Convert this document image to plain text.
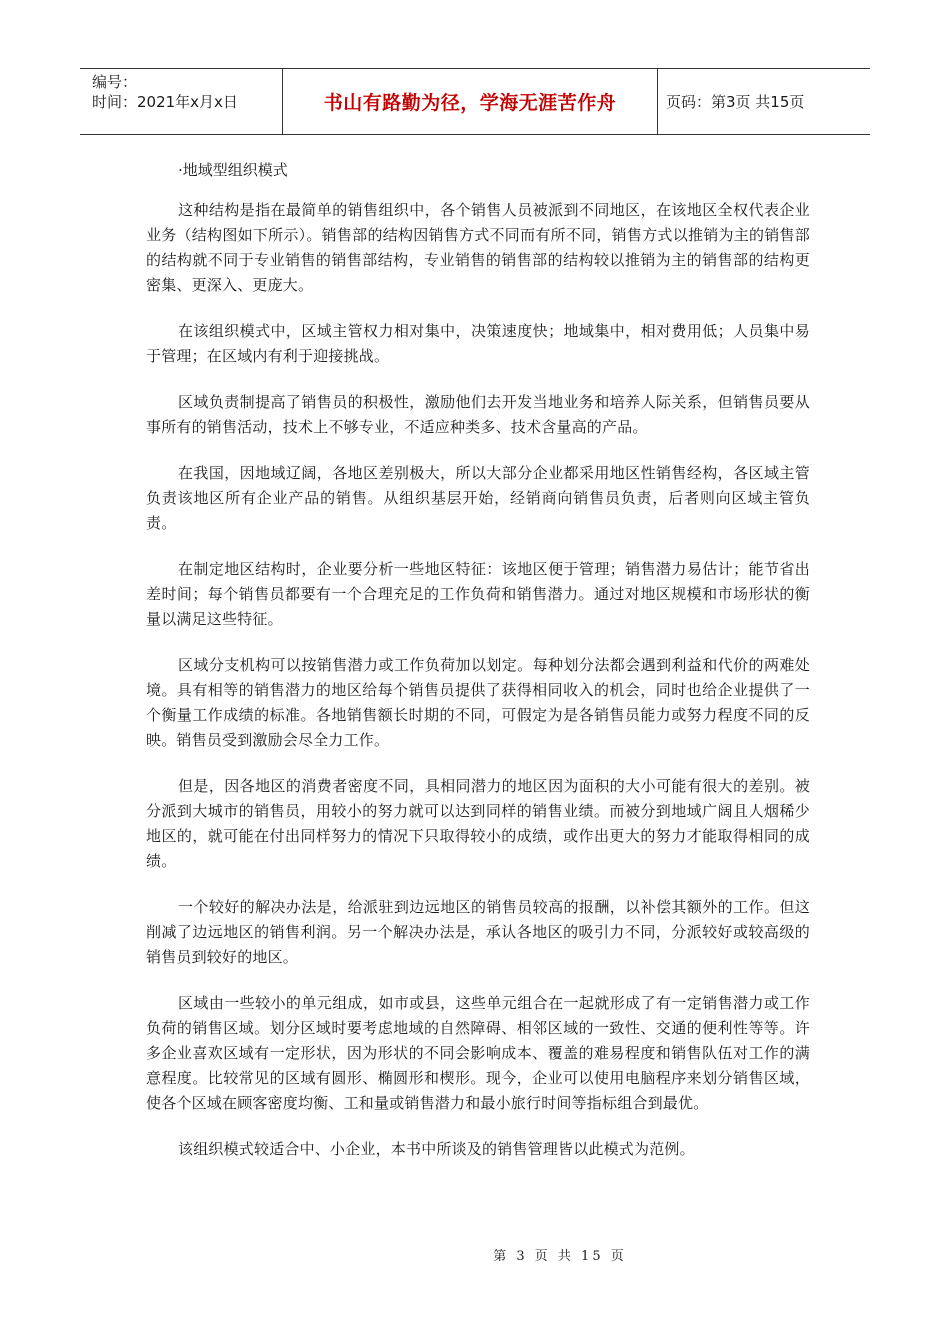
编号：
时间：2021年x月x日	书山有路勤为径，学海无涯苦作舟	页码：第3页 共15页
·地域型组织模式

这种结构是指在最简单的销售组织中，各个销售人员被派到不同地区，在该地区全权代表企业业务（结构图如下所示）。销售部的结构因销售方式不同而有所不同，销售方式以推销为主的销售部的结构就不同于专业销售的销售部结构，专业销售的销售部的结构较以推销为主的销售部的结构更密集、更深入、更庞大。

在该组织模式中，区域主管权力相对集中，决策速度快；地域集中，相对费用低；人员集中易于管理；在区域内有利于迎接挑战。

区域负责制提高了销售员的积极性，激励他们去开发当地业务和培养人际关系，但销售员要从事所有的销售活动，技术上不够专业，不适应种类多、技术含量高的产品。

在我国，因地域辽阔，各地区差别极大，所以大部分企业都采用地区性销售经构，各区域主管负责该地区所有企业产品的销售。从组织基层开始，经销商向销售员负责，后者则向区域主管负责。

在制定地区结构时，企业要分析一些地区特征：该地区便于管理；销售潜力易估计；能节省出差时间；每个销售员都要有一个合理充足的工作负荷和销售潜力。通过对地区规模和市场形状的衡量以满足这些特征。

区域分支机构可以按销售潜力或工作负荷加以划定。每种划分法都会遇到利益和代价的两难处境。具有相等的销售潜力的地区给每个销售员提供了获得相同收入的机会，同时也给企业提供了一个衡量工作成绩的标准。各地销售额长时期的不同，可假定为是各销售员能力或努力程度不同的反映。销售员受到激励会尽全力工作。

但是，因各地区的消费者密度不同，具相同潜力的地区因为面积的大小可能有很大的差别。被分派到大城市的销售员，用较小的努力就可以达到同样的销售业绩。而被分到地域广阔且人烟稀少地区的，就可能在付出同样努力的情况下只取得较小的成绩，或作出更大的努力才能取得相同的成绩。

一个较好的解决办法是，给派驻到边远地区的销售员较高的报酬，以补偿其额外的工作。但这削减了边远地区的销售利润。另一个解决办法是，承认各地区的吸引力不同，分派较好或较高级的销售员到较好的地区。

区域由一些较小的单元组成，如市或县，这些单元组合在一起就形成了有一定销售潜力或工作负荷的销售区域。划分区域时要考虑地域的自然障碍、相邻区域的一致性、交通的便利性等等。许多企业喜欢区域有一定形状，因为形状的不同会影响成本、覆盖的难易程度和销售队伍对工作的满意程度。比较常见的区域有圆形、椭圆形和楔形。现今，企业可以使用电脑程序来划分销售区域，使各个区域在顾客密度均衡、工和量或销售潜力和最小旅行时间等指标组合到最优。

该组织模式较适合中、小企业，本书中所谈及的销售管理皆以此模式为范例。

第 3 页 共 15 页
